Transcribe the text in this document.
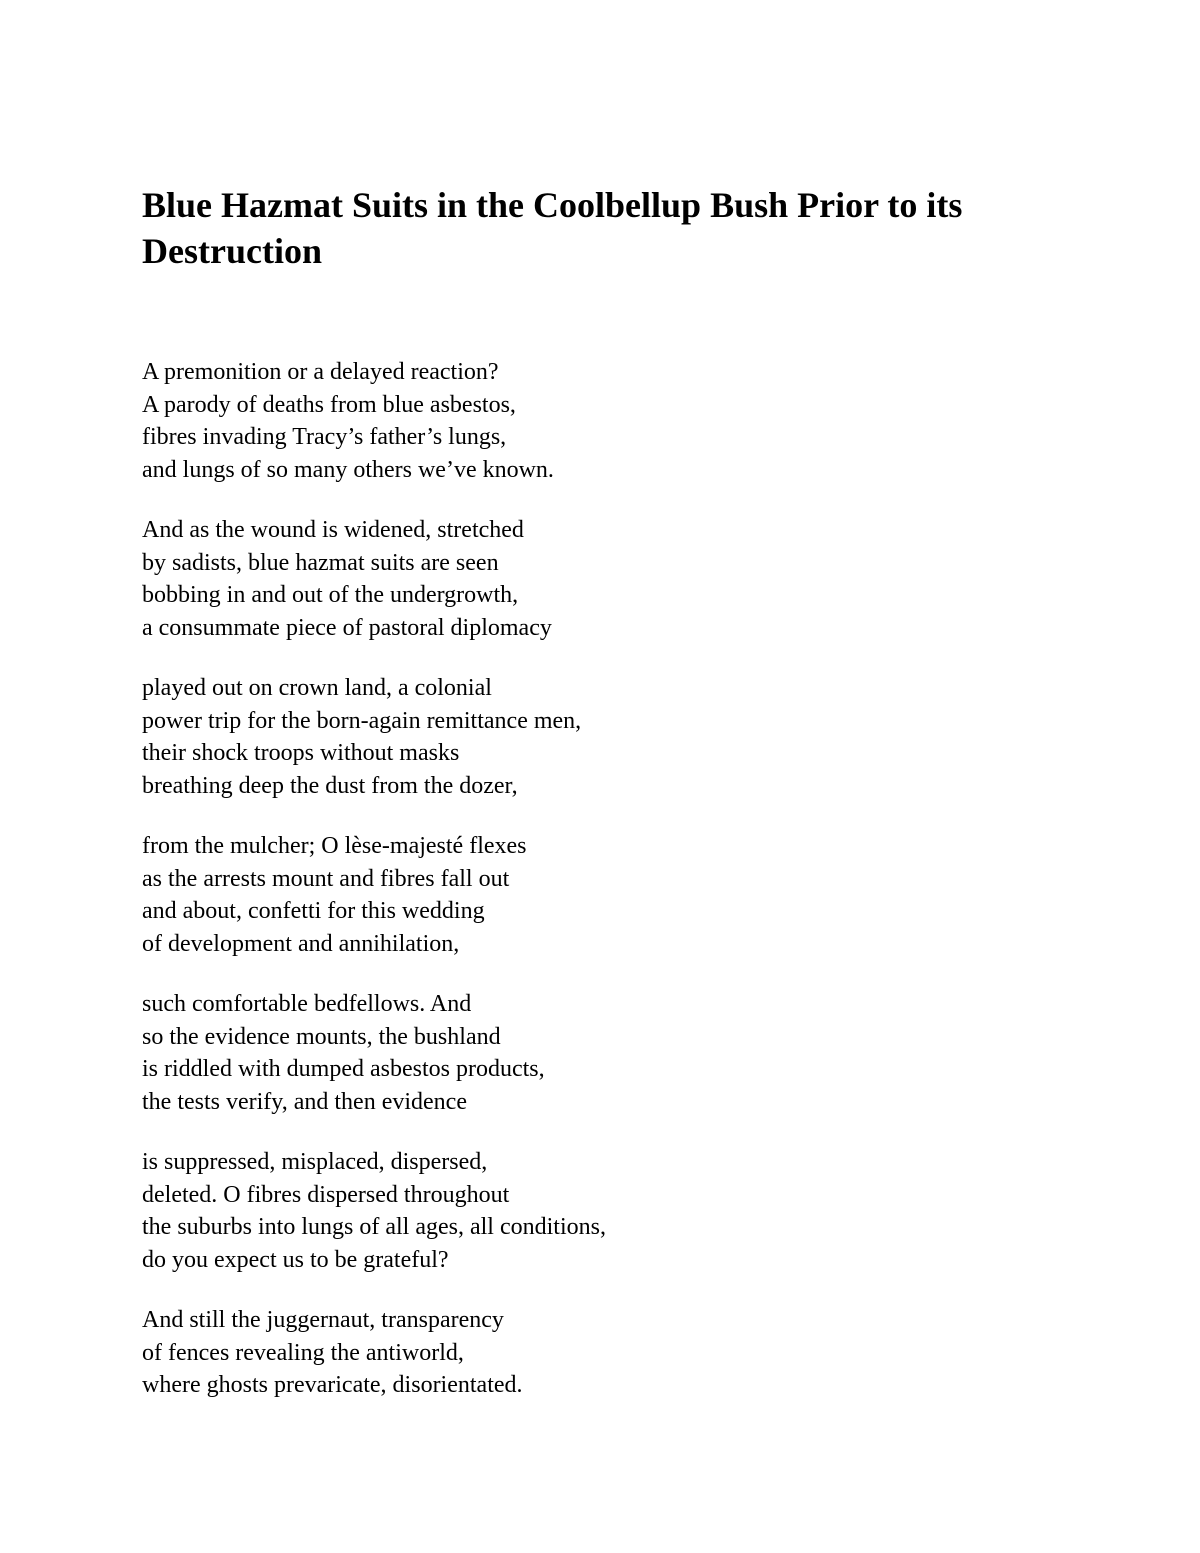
Blue Hazmat Suits in the Coolbellup Bush Prior to its Destruction
A premonition or a delayed reaction?
A parody of deaths from blue asbestos,
fibres invading Tracy’s father’s lungs,
and lungs of so many others we’ve known.
And as the wound is widened, stretched
by sadists, blue hazmat suits are seen
bobbing in and out of the undergrowth,
a consummate piece of pastoral diplomacy
played out on crown land, a colonial
power trip for the born-again remittance men,
their shock troops without masks
breathing deep the dust from the dozer,
from the mulcher; O lèse-majesté flexes
as the arrests mount and fibres fall out
and about, confetti for this wedding
of development and annihilation,
such comfortable bedfellows. And
so the evidence mounts, the bushland
is riddled with dumped asbestos products,
the tests verify, and then evidence
is suppressed, misplaced, dispersed,
deleted. O fibres dispersed throughout
the suburbs into lungs of all ages, all conditions,
do you expect us to be grateful?
And still the juggernaut, transparency
of fences revealing the antiworld,
where ghosts prevaricate, disorientated.
